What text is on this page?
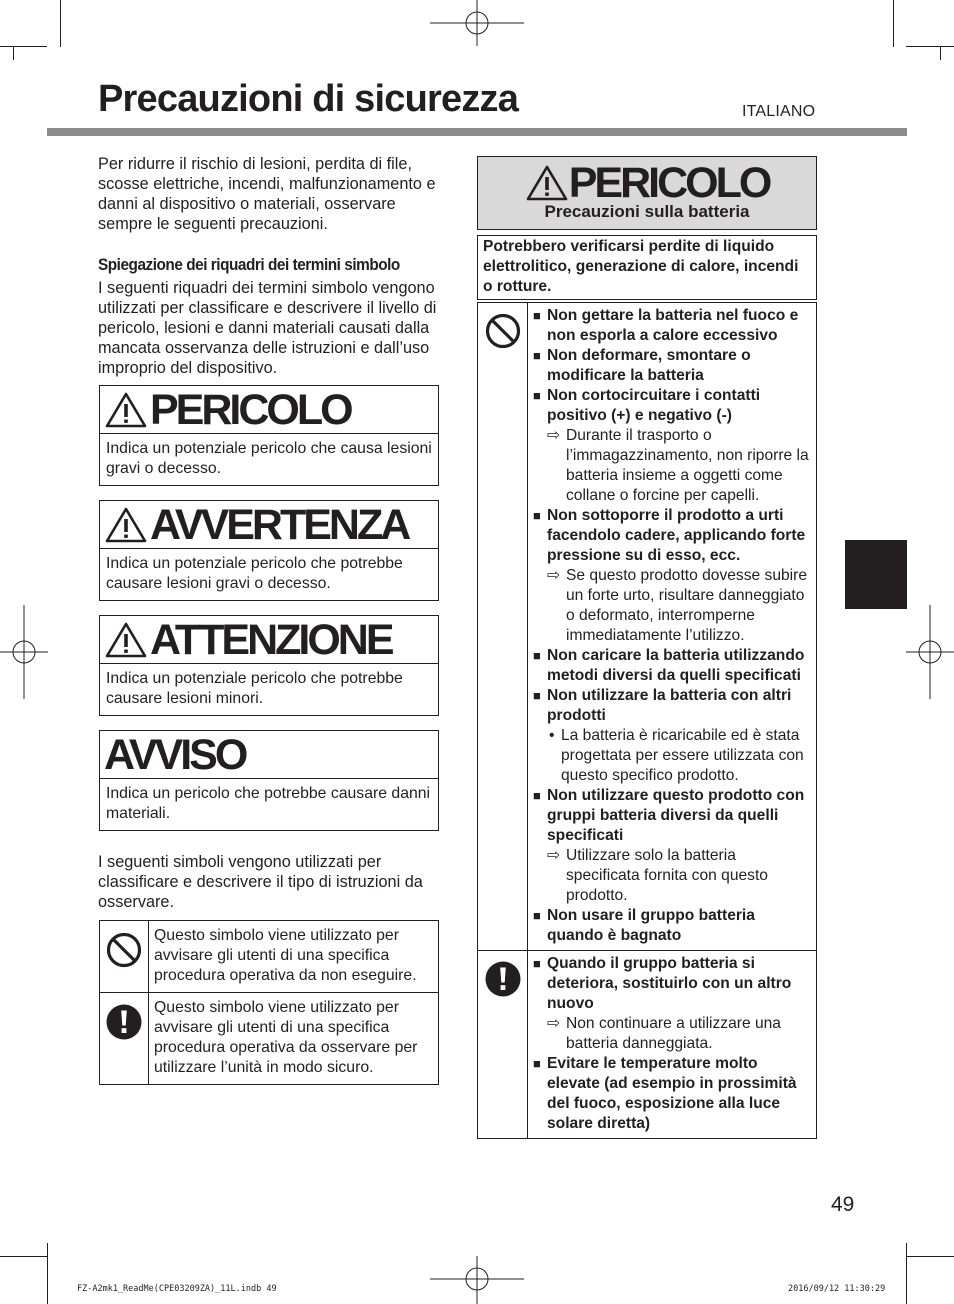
Precauzioni di sicurezza	ITALIANO

Per ridurre il rischio di lesioni, perdita di file, scosse elettriche, incendi, malfunzionamento e danni al dispositivo o materiali, osservare sempre le seguenti precauzioni.

Spiegazione dei riquadri dei termini simbolo

I seguenti riquadri dei termini simbolo vengono utilizzati per classificare e descrivere il livello di pericolo, lesioni e danni materiali causati dalla mancata osservanza delle istruzioni e dall’uso improprio del dispositivo.

PERICOLO
Indica un potenziale pericolo che causa lesioni gravi o decesso.
AVVERTENZA
Indica un potenziale pericolo che potrebbe causare lesioni gravi o decesso.
ATTENZIONE
Indica un potenziale pericolo che potrebbe causare lesioni minori.
AVVISO
Indica un pericolo che potrebbe causare danni materiali.

I seguenti simboli vengono utilizzati per classificare e descrivere il tipo di istruzioni da osservare.

Questo simbolo viene utilizzato per avvisare gli utenti di una specifica procedura operativa da non eseguire.
Questo simbolo viene utilizzato per avvisare gli utenti di una specifica procedura operativa da osservare per utilizzare l’unità in modo sicuro.
PERICOLO
Precauzioni sulla batteria
Potrebbero verificarsi perdite di liquido elettrolitico, generazione di calore, incendi o rotture.
■ Non gettare la batteria nel fuoco e non esporla a calore eccessivo
■ Non deformare, smontare o modificare la batteria
■ Non cortocircuitare i contatti positivo (+) e negativo (-)
⇨ Durante il trasporto o l’immagazzinamento, non riporre la batteria insieme a oggetti come collane o forcine per capelli.
■ Non sottoporre il prodotto a urti facendolo cadere, applicando forte pressione su di esso, ecc.
⇨ Se questo prodotto dovesse subire un forte urto, risultare danneggiato o deformato, interromperne immediatamente l’utilizzo.
■ Non caricare la batteria utilizzando metodi diversi da quelli specificati
■ Non utilizzare la batteria con altri prodotti
• La batteria è ricaricabile ed è stata progettata per essere utilizzata con questo specifico prodotto.
■ Non utilizzare questo prodotto con gruppi batteria diversi da quelli specificati
⇨ Utilizzare solo la batteria specificata fornita con questo prodotto.
■ Non usare il gruppo batteria quando è bagnato
■ Quando il gruppo batteria si deteriora, sostituirlo con un altro nuovo
⇨ Non continuare a utilizzare una batteria danneggiata.
■ Evitare le temperature molto elevate (ad esempio in prossimità del fuoco, esposizione alla luce solare diretta)
49
FZ-A2mk1_ReadMe(CPE03209ZA)_11L.indb 49	2016/09/12 11:30:29
